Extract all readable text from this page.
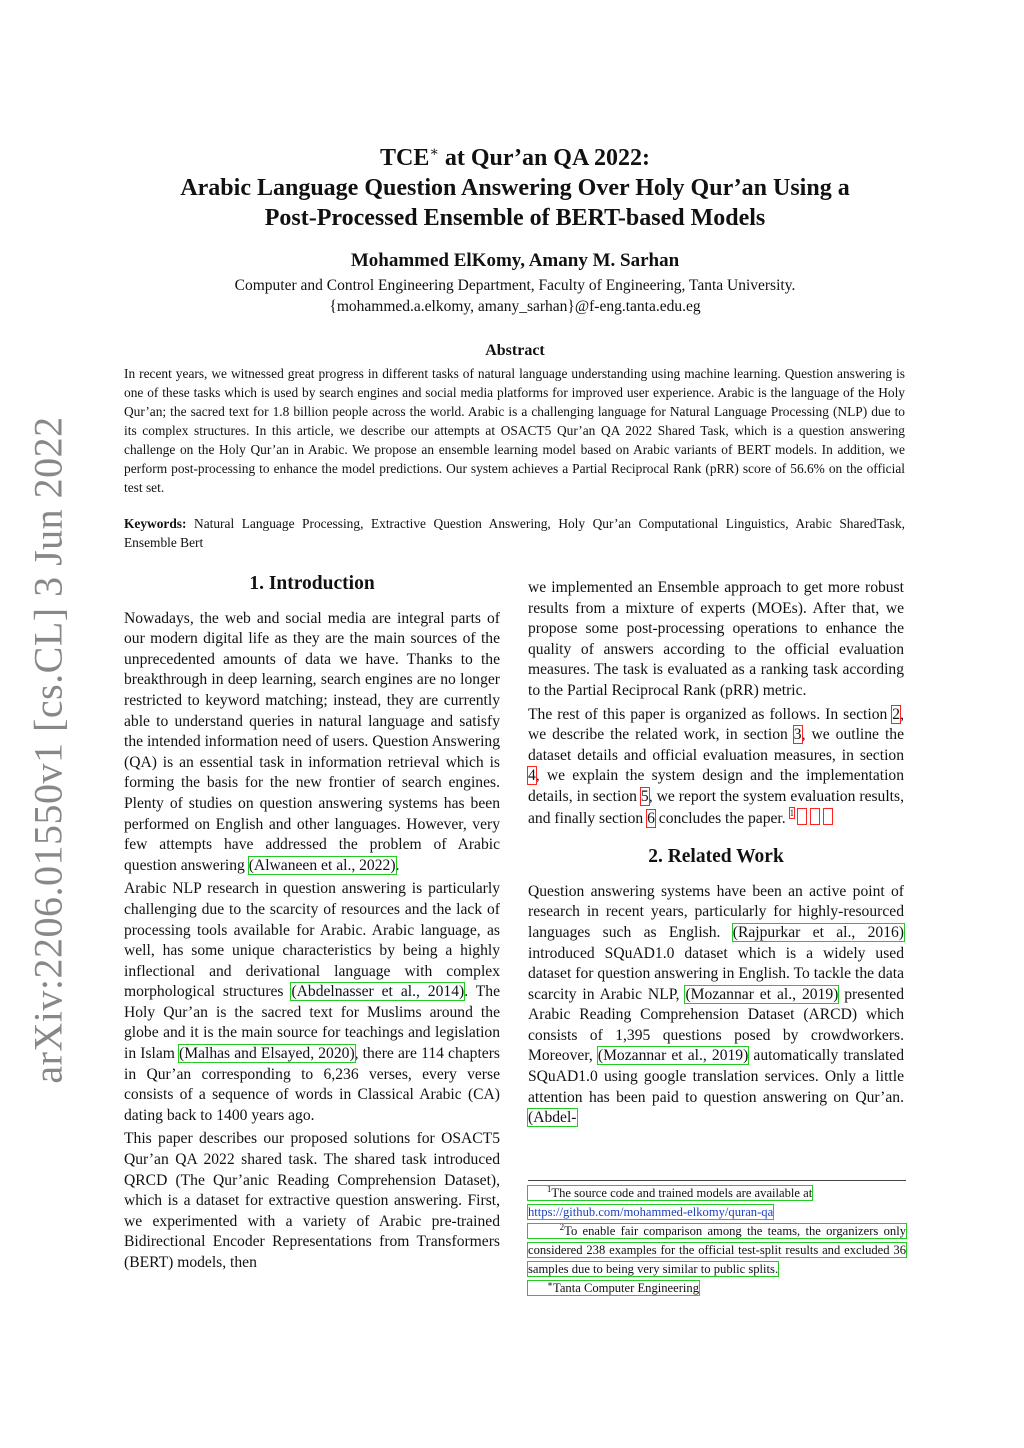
arXiv:2206.01550v1 [cs.CL] 3 Jun 2022
TCE∗ at Qur’an QA 2022:
Arabic Language Question Answering Over Holy Qur’an Using a
Post-Processed Ensemble of BERT-based Models
Mohammed ElKomy, Amany M. Sarhan
Computer and Control Engineering Department, Faculty of Engineering, Tanta University.
{mohammed.a.elkomy, amany_sarhan}@f-eng.tanta.edu.eg
Abstract
In recent years, we witnessed great progress in different tasks of natural language understanding using machine learning. Question answering is one of these tasks which is used by search engines and social media platforms for improved user experience. Arabic is the language of the Holy Qur’an; the sacred text for 1.8 billion people across the world. Arabic is a challenging language for Natural Language Processing (NLP) due to its complex structures. In this article, we describe our attempts at OSACT5 Qur’an QA 2022 Shared Task, which is a question answering challenge on the Holy Qur’an in Arabic. We propose an ensemble learning model based on Arabic variants of BERT models. In addition, we perform post-processing to enhance the model predictions. Our system achieves a Partial Reciprocal Rank (pRR) score of 56.6% on the official test set.
Keywords: Natural Language Processing, Extractive Question Answering, Holy Qur’an Computational Linguistics, Arabic SharedTask, Ensemble Bert
1. Introduction

Nowadays, the web and social media are integral parts of our modern digital life as they are the main sources of the unprecedented amounts of data we have. Thanks to the breakthrough in deep learning, search engines are no longer restricted to keyword matching; instead, they are currently able to understand queries in natural language and satisfy the intended information need of users. Question Answering (QA) is an essential task in information retrieval which is forming the basis for the new frontier of search engines. Plenty of studies on question answering systems has been performed on English and other languages. However, very few attempts have addressed the problem of Arabic question answering (Alwaneen et al., 2022).

Arabic NLP research in question answering is particularly challenging due to the scarcity of resources and the lack of processing tools available for Arabic. Arabic language, as well, has some unique characteristics by being a highly inflectional and derivational language with complex morphological structures (Abdelnasser et al., 2014). The Holy Qur’an is the sacred text for Muslims around the globe and it is the main source for teachings and legislation in Islam (Malhas and Elsayed, 2020), there are 114 chapters in Qur’an corresponding to 6,236 verses, every verse consists of a sequence of words in Classical Arabic (CA) dating back to 1400 years ago.

This paper describes our proposed solutions for OSACT5 Qur’an QA 2022 shared task. The shared task introduced QRCD (The Qur’anic Reading Comprehension Dataset), which is a dataset for extractive question answering. First, we experimented with a variety of Arabic pre-trained Bidirectional Encoder Representations from Transformers (BERT) models, then

we implemented an Ensemble approach to get more robust results from a mixture of experts (MOEs). After that, we propose some post-processing operations to enhance the quality of answers according to the official evaluation measures. The task is evaluated as a ranking task according to the Partial Reciprocal Rank (pRR) metric.

The rest of this paper is organized as follows. In section 2, we describe the related work, in section 3, we outline the dataset details and official evaluation measures, in section 4, we explain the system design and the implementation details, in section 5, we report the system evaluation results, and finally section 6 concludes the paper. $^1$

2. Related Work

Question answering systems have been an active point of research in recent years, particularly for highly-resourced languages such as English. (Rajpurkar et al., 2016) introduced SQuAD1.0 dataset which is a widely used dataset for question answering in English. To tackle the data scarcity in Arabic NLP, (Mozannar et al., 2019) presented Arabic Reading Comprehension Dataset (ARCD) which consists of 1,395 questions posed by crowdworkers. Moreover, (Mozannar et al., 2019) automatically translated SQuAD1.0 using google translation services. Only a little attention has been paid to question answering on Qur’an. (Abdel-

$^1$The source code and trained models are available at
https://github.com/mohammed-elkomy/quran-qa
$^2$To enable fair comparison among the teams, the organizers only considered 238 examples for the official test-split results and excluded 36 samples due to being very similar to public splits.
∗Tanta Computer Engineering
